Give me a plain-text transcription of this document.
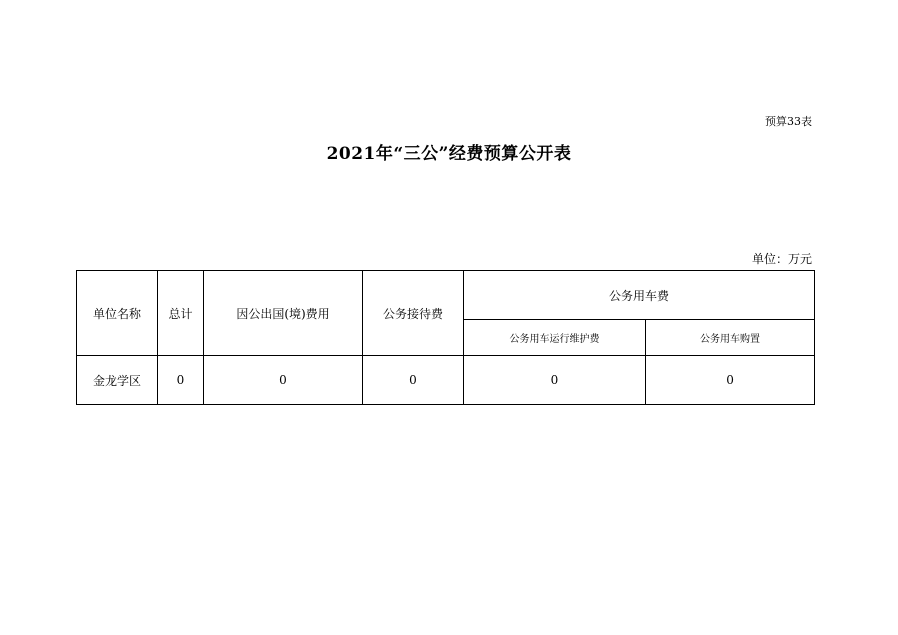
预算33表
2021年“三公”经费预算公开表
单位：万元
单位名称	总计	因公出国(境)费用	公务接待费	公务用车费	
				公务用车运行维护费	公务用车购置
金龙学区	0	0	0	0	0
